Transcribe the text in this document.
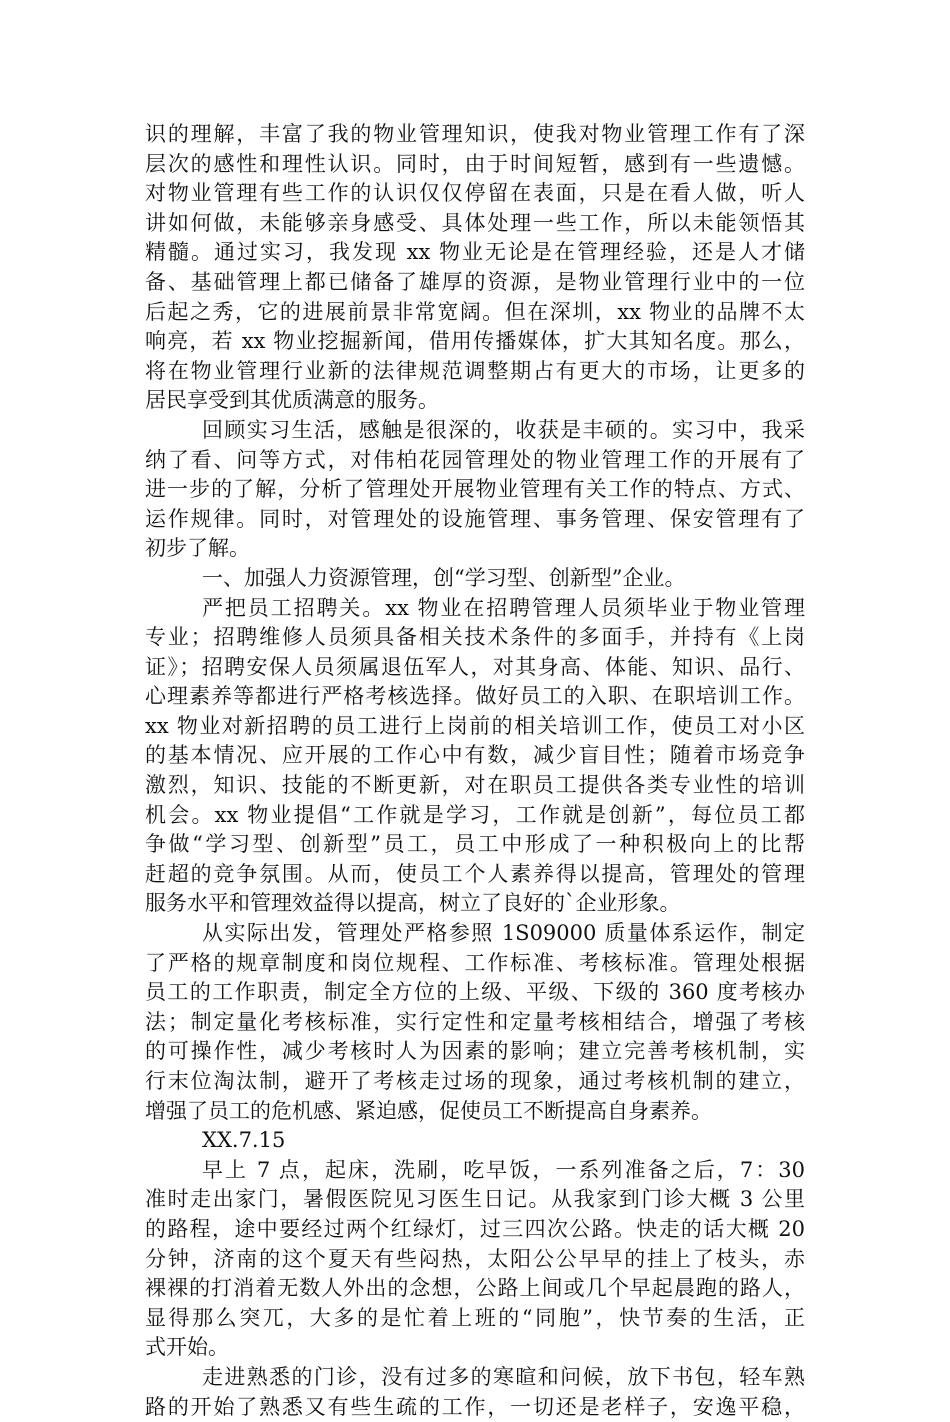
识的理解，丰富了我的物业管理知识，使我对物业管理工作有了深
层次的感性和理性认识。同时，由于时间短暂，感到有一些遗憾。
对物业管理有些工作的认识仅仅停留在表面，只是在看人做，听人
讲如何做，未能够亲身感受、具体处理一些工作，所以未能领悟其
精髓。通过实习，我发现 xx 物业无论是在管理经验，还是人才储
备、基础管理上都已储备了雄厚的资源，是物业管理行业中的一位
后起之秀，它的进展前景非常宽阔。但在深圳，xx 物业的品牌不太
响亮，若 xx 物业挖掘新闻，借用传播媒体，扩大其知名度。那么，
将在物业管理行业新的法律规范调整期占有更大的市场，让更多的
居民享受到其优质满意的服务。
回顾实习生活，感触是很深的，收获是丰硕的。实习中，我采
纳了看、问等方式，对伟柏花园管理处的物业管理工作的开展有了
进一步的了解，分析了管理处开展物业管理有关工作的特点、方式、
运作规律。同时，对管理处的设施管理、事务管理、保安管理有了
初步了解。
一、加强人力资源管理，创“学习型、创新型”企业。
严把员工招聘关。xx 物业在招聘管理人员须毕业于物业管理
专业；招聘维修人员须具备相关技术条件的多面手，并持有《上岗
证》；招聘安保人员须属退伍军人，对其身高、体能、知识、品行、
心理素养等都进行严格考核选择。做好员工的入职、在职培训工作。
xx 物业对新招聘的员工进行上岗前的相关培训工作，使员工对小区
的基本情况、应开展的工作心中有数，减少盲目性；随着市场竞争
激烈，知识、技能的不断更新，对在职员工提供各类专业性的培训
机会。xx 物业提倡“工作就是学习，工作就是创新”，每位员工都
争做“学习型、创新型”员工，员工中形成了一种积极向上的比帮
赶超的竞争氛围。从而，使员工个人素养得以提高，管理处的管理
服务水平和管理效益得以提高，树立了良好的`企业形象。
从实际出发，管理处严格参照 1S09000 质量体系运作，制定
了严格的规章制度和岗位规程、工作标准、考核标准。管理处根据
员工的工作职责，制定全方位的上级、平级、下级的 360 度考核办
法；制定量化考核标准，实行定性和定量考核相结合，增强了考核
的可操作性，减少考核时人为因素的影响；建立完善考核机制，实
行末位淘汰制，避开了考核走过场的现象，通过考核机制的建立，
增强了员工的危机感、紧迫感，促使员工不断提高自身素养。
XX.7.15
早上 7 点，起床，洗刷，吃早饭，一系列准备之后，7：30
准时走出家门，暑假医院见习医生日记。从我家到门诊大概 3 公里
的路程，途中要经过两个红绿灯，过三四次公路。快走的话大概 20
分钟，济南的这个夏天有些闷热，太阳公公早早的挂上了枝头，赤
裸裸的打消着无数人外出的念想，公路上间或几个早起晨跑的路人，
显得那么突兀，大多的是忙着上班的“同胞”，快节奏的生活，正
式开始。
走进熟悉的门诊，没有过多的寒暄和问候，放下书包，轻车熟
路的开始了熟悉又有些生疏的工作，一切还是老样子，安逸平稳，
